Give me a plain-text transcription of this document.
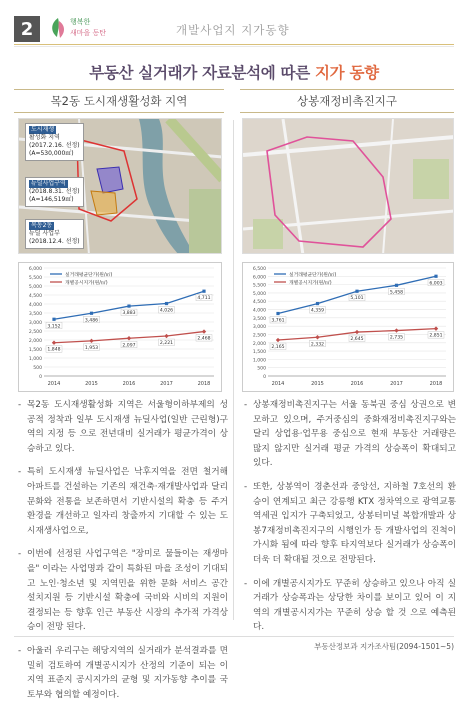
2	행복한
새마을 동탄	개발사업지 지가동향
부동산 실거래가 자료분석에 따른 지가 동향
목2동 도시재생활성화 지역	상봉재정비촉진지구
도시재생
활성화 지역
(2017.2.16. 선정)
(A=530,000㎡)
뉴딜사업구역
(2018.8.31. 선정)
(A=146,519㎡)
목동2동
뉴딜 사업부
(2018.12.4. 선정)
0
500
1,000
1,500
2,000
2,500
3,000
3,500
4,000
4,500
5,000
5,500
6,000
2014	2015	2016	2017	2018
3,152
3,486
3,883
4,026
4,711
1,848	1,953
2,097	2,221
2,468
실거래평균단가(원/㎡)
개별공시지가(원/㎡)
0
500
1,000
1,500
2,000
2,500
3,000
3,500
4,000
4,500
5,000
5,500
6,000
6,500
2014	2015	2016	2017	2018
3,761
4,359
5,101
5,458
6,003
2,165
2,332
2,645	2,735	2,851
실거래평균단가(원/㎡)
개별공시지가(원/㎡)

- 목2동 도시재생활성화 지역은 서울형이하부제의 성공적 정착과 일부 도시재생 뉴딜사업(일반 근린형)구역의 지정 등 으로 전년대비 실거래가 평균가격이 상승하고 있다.

- 특히 도시재생 뉴딜사업은 낙후지역을 전면 철거해 아파트를 건설하는 기존의 재건축·재개발사업과 달리 문화와 전통을 보존하면서 기반시설의 확충 등 주거환경을 개선하고 일자리 창출까지 기대할 수 있는 도시재생사업으로,

- 이번에 선정된 사업구역은 "장미로 물들이는 재생마을" 이라는 사업명과 같이 특화된 마을 조성이 기대되고 노인·청소년 및 지역민을 위한 문화 서비스 공간 설치지원 등 기반시설 확충에 국비와 시비의 지원이 결정되는 등 향후 인근 부동산 시장의 추가적 가격상승이 전망 된다.

- 아울러 우리구는 해당지역의 실거래가 분석결과를 면밀히 검토하여 개별공시지가 산정의 기준이 되는 이 지역 표준지 공시지가의 균형 및 지가동향 추이를 국토부와 협의할 예정이다.

- 상봉재정비촉진지구는 서울 동북권 중심 상권으로 변모하고 있으며, 주거중심의 중화재정비촉진지구와는 달리 상업용·업무용 중심으로 현재 부동산 거래량은 많지 않지만 실거래 평균 가격의 상승폭이 확대되고 있다.

- 또한, 상봉역이 경춘선과 중앙선, 지하철 7호선의 환승이 연계되고 최근 강릉행 KTX 정차역으로 광역교통 역세권 입지가 구축되었고, 상봉터미널 복합개발과 상봉7재정비촉진지구의 시행인가 등 개발사업의 진척이 가시화 됨에 따라 향후 타지역보다 실거래가 상승폭이 더욱 더 확대될 것으로 전망된다.

- 이에 개별공시지가도 꾸준히 상승하고 있으나 아직 실거래가 상승폭과는 상당한 차이를 보이고 있어 이 지역의 개별공시지가는 꾸준히 상승 할 것 으로 예측된다.

부동산정보과 지가조사팀(2094-1501~5)
